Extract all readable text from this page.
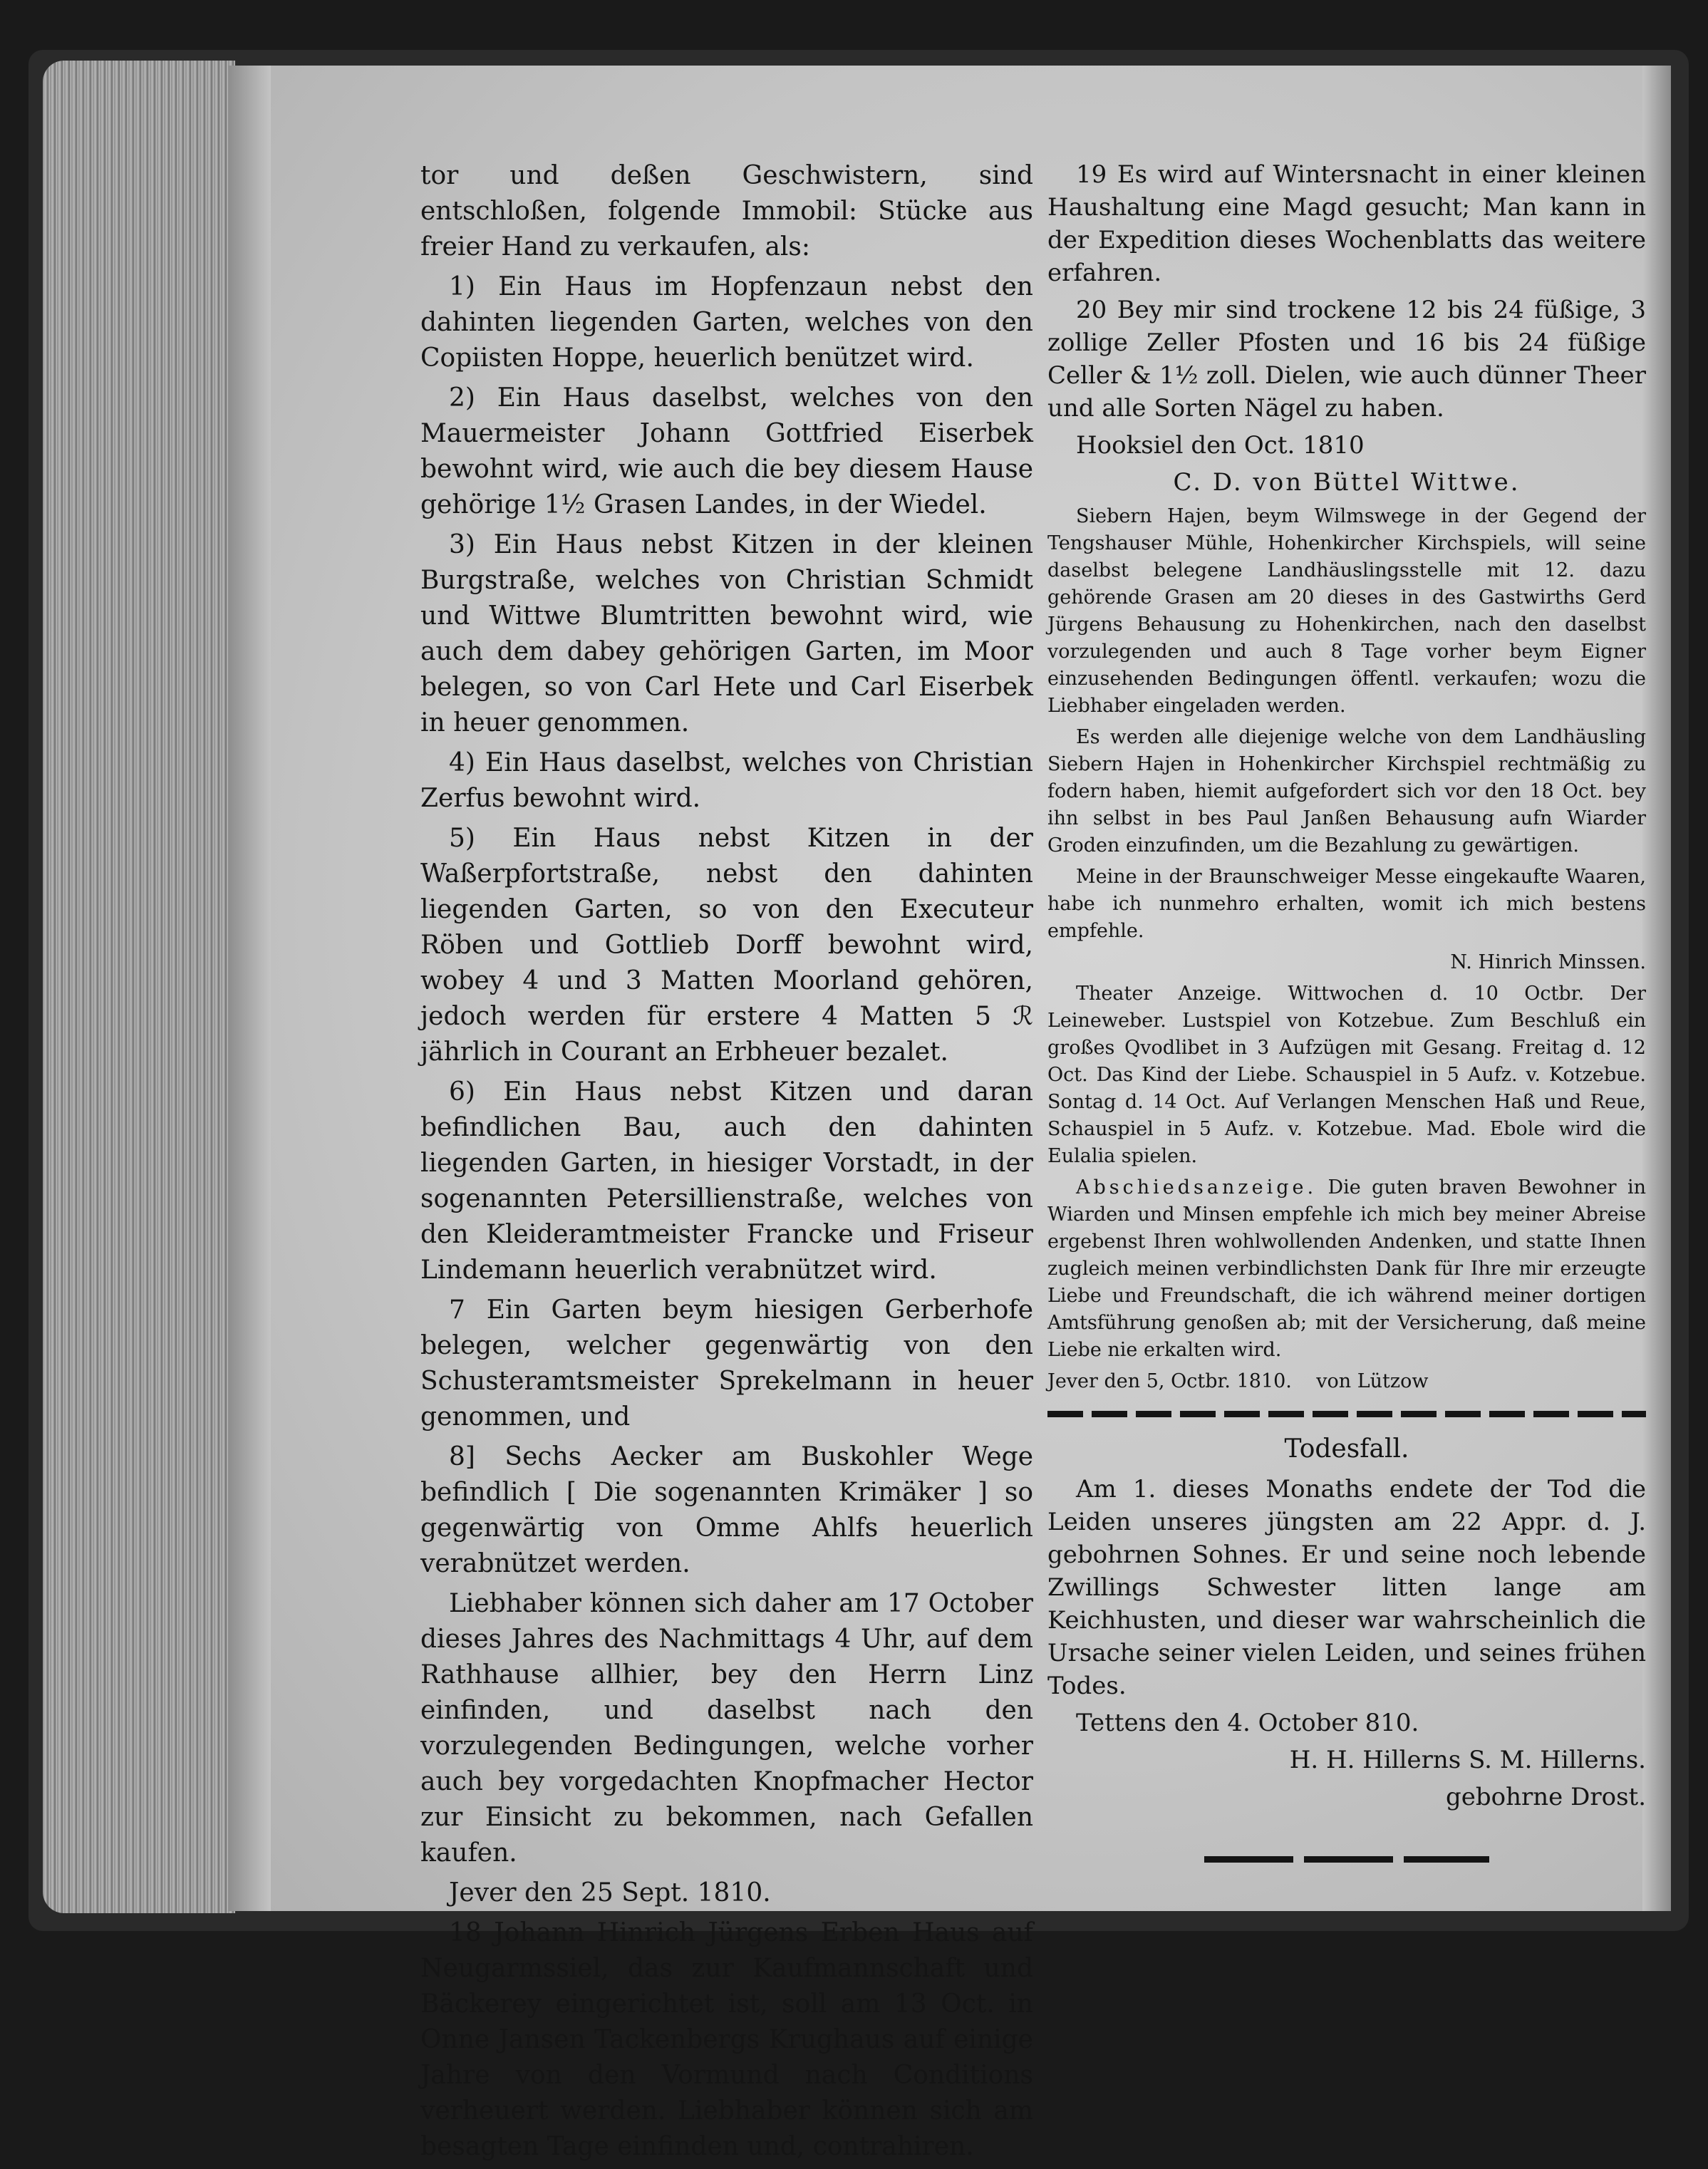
tor und deßen Geschwistern, sind entschloßen, folgende Immobil: Stücke aus freier Hand zu verkaufen, als:

1) Ein Haus im Hopfenzaun nebst den dahinten liegenden Garten, welches von den Copiisten Hoppe, heuerlich benützet wird.

2) Ein Haus daselbst, welches von den Mauermeister Johann Gottfried Eiserbek bewohnt wird, wie auch die bey diesem Hause gehörige 1½ Grasen Landes, in der Wiedel.

3) Ein Haus nebst Kitzen in der kleinen Burgstraße, welches von Christian Schmidt und Wittwe Blumtritten bewohnt wird, wie auch dem dabey gehörigen Garten, im Moor belegen, so von Carl Hete und Carl Eiserbek in heuer genommen.

4) Ein Haus daselbst, welches von Christian Zerfus bewohnt wird.

5) Ein Haus nebst Kitzen in der Waßerpfortstraße, nebst den dahinten liegenden Garten, so von den Executeur Röben und Gottlieb Dorff bewohnt wird, wobey 4 und 3 Matten Moorland gehören, jedoch werden für erstere 4 Matten 5 ℛ jährlich in Courant an Erbheuer bezalet.

6) Ein Haus nebst Kitzen und daran befindlichen Bau, auch den dahinten liegenden Garten, in hiesiger Vorstadt, in der sogenannten Petersillienstraße, welches von den Kleideramtmeister Francke und Friseur Lindemann heuerlich verabnützet wird.

7 Ein Garten beym hiesigen Gerberhofe belegen, welcher gegenwärtig von den Schusteramtsmeister Sprekelmann in heuer genommen, und

8] Sechs Aecker am Buskohler Wege befindlich [ Die sogenannten Krimäker ] so gegenwärtig von Omme Ahlfs heuerlich verabnützet werden.

Liebhaber können sich daher am 17 October dieses Jahres des Nachmittags 4 Uhr, auf dem Rathhause allhier, bey den Herrn Linz einfinden, und daselbst nach den vorzulegenden Bedingungen, welche vorher auch bey vorgedachten Knopfmacher Hector zur Einsicht zu bekommen, nach Gefallen kaufen.

Jever den 25 Sept. 1810.

18 Johann Hinrich Jürgens Erben Haus auf Neugarmssiel, das zur Kaufmannschaft und Bäckerey eingerichtet ist, soll am 13 Oct. in Onne Jansen Tackenbergs Krughaus auf einige Jahre von den Vormund nach Conditions verheuert werden. Liebhaber können sich am besagten Tage einfinden und, contrahiren.

19 Es wird auf Wintersnacht in einer kleinen Haushaltung eine Magd gesucht; Man kann in der Expedition dieses Wochenblatts das weitere erfahren.

20 Bey mir sind trockene 12 bis 24 füßige, 3 zollige Zeller Pfosten und 16 bis 24 füßige Celler & 1½ zoll. Dielen, wie auch dünner Theer und alle Sorten Nägel zu haben.

Hooksiel den Oct. 1810

C. D. von Büttel Wittwe.

Siebern Hajen, beym Wilmswege in der Gegend der Tengshauser Mühle, Hohenkircher Kirchspiels, will seine daselbst belegene Landhäuslingsstelle mit 12. dazu gehörende Grasen am 20 dieses in des Gastwirths Gerd Jürgens Behausung zu Hohenkirchen, nach den daselbst vorzulegenden und auch 8 Tage vorher beym Eigner einzusehenden Bedingungen öffentl. verkaufen; wozu die Liebhaber eingeladen werden.

Es werden alle diejenige welche von dem Landhäusling Siebern Hajen in Hohenkircher Kirchspiel rechtmäßig zu fodern haben, hiemit aufgefordert sich vor den 18 Oct. bey ihn selbst in bes Paul Janßen Behausung aufn Wiarder Groden einzufinden, um die Bezahlung zu gewärtigen.

Meine in der Braunschweiger Messe eingekaufte Waaren, habe ich nunmehro erhalten, womit ich mich bestens empfehle.

N. Hinrich Minssen.

Theater Anzeige. Wittwochen d. 10 Octbr. Der Leineweber. Lustspiel von Kotzebue. Zum Beschluß ein großes Qvodlibet in 3 Aufzügen mit Gesang. Freitag d. 12 Oct. Das Kind der Liebe. Schauspiel in 5 Aufz. v. Kotzebue. Sontag d. 14 Oct. Auf Verlangen Menschen Haß und Reue, Schauspiel in 5 Aufz. v. Kotzebue. Mad. Ebole wird die Eulalia spielen.

Abschiedsanzeige. Die guten braven Bewohner in Wiarden und Minsen empfehle ich mich bey meiner Abreise ergebenst Ihren wohlwollenden Andenken, und statte Ihnen zugleich meinen verbindlichsten Dank für Ihre mir erzeugte Liebe und Freundschaft, die ich während meiner dortigen Amtsführung genoßen ab; mit der Versicherung, daß meine Liebe nie erkalten wird.

Jever den 5, Octbr. 1810. von Lützow

Todesfall.

Am 1. dieses Monaths endete der Tod die Leiden unseres jüngsten am 22 Appr. d. J. gebohrnen Sohnes. Er und seine noch lebende Zwillings Schwester litten lange am Keichhusten, und dieser war wahrscheinlich die Ursache seiner vielen Leiden, und seines frühen Todes.

Tettens den 4. October 810.

H. H. Hillerns S. M. Hillerns.

gebohrne Drost.
